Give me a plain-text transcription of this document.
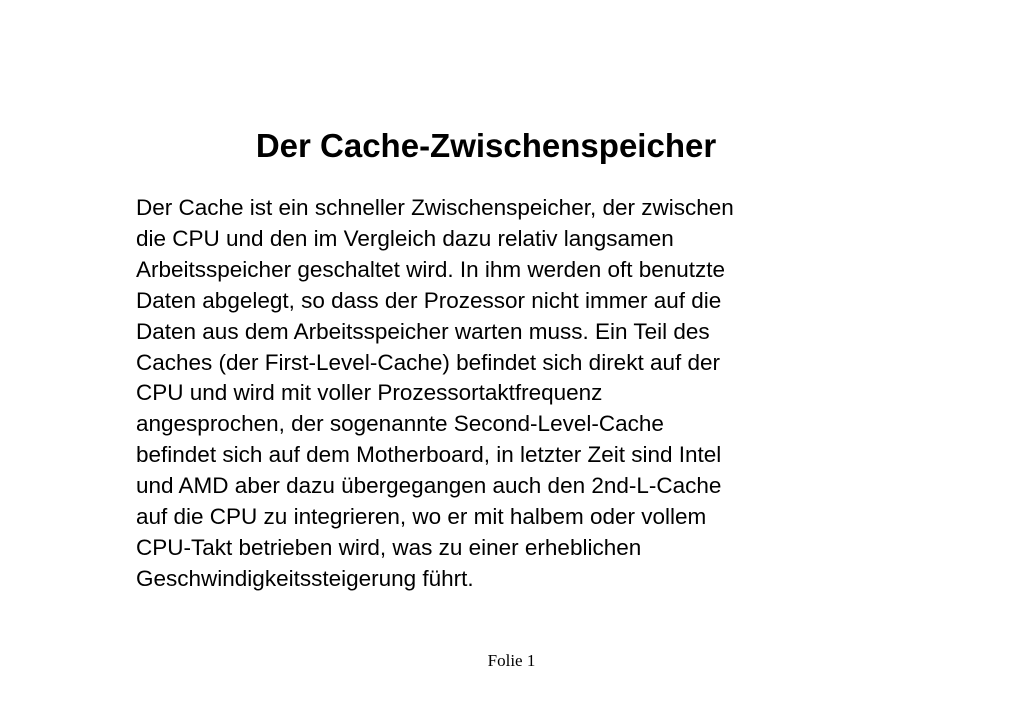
Der Cache-Zwischenspeicher
Der Cache ist ein schneller Zwischenspeicher, der zwischen
die CPU und den im Vergleich dazu relativ langsamen
Arbeitsspeicher geschaltet wird. In ihm werden oft benutzte
Daten abgelegt, so dass der Prozessor nicht immer auf die
Daten aus dem Arbeitsspeicher warten muss. Ein Teil des
Caches (der First-Level-Cache) befindet sich direkt auf der
CPU und wird mit voller Prozessortaktfrequenz
angesprochen, der sogenannte Second-Level-Cache
befindet sich auf dem Motherboard, in letzter Zeit sind Intel
und AMD aber dazu übergegangen auch den 2nd-L-Cache
auf die CPU zu integrieren, wo er mit halbem oder vollem
CPU-Takt betrieben wird, was zu einer erheblichen
Geschwindigkeitssteigerung führt.
Folie 1
